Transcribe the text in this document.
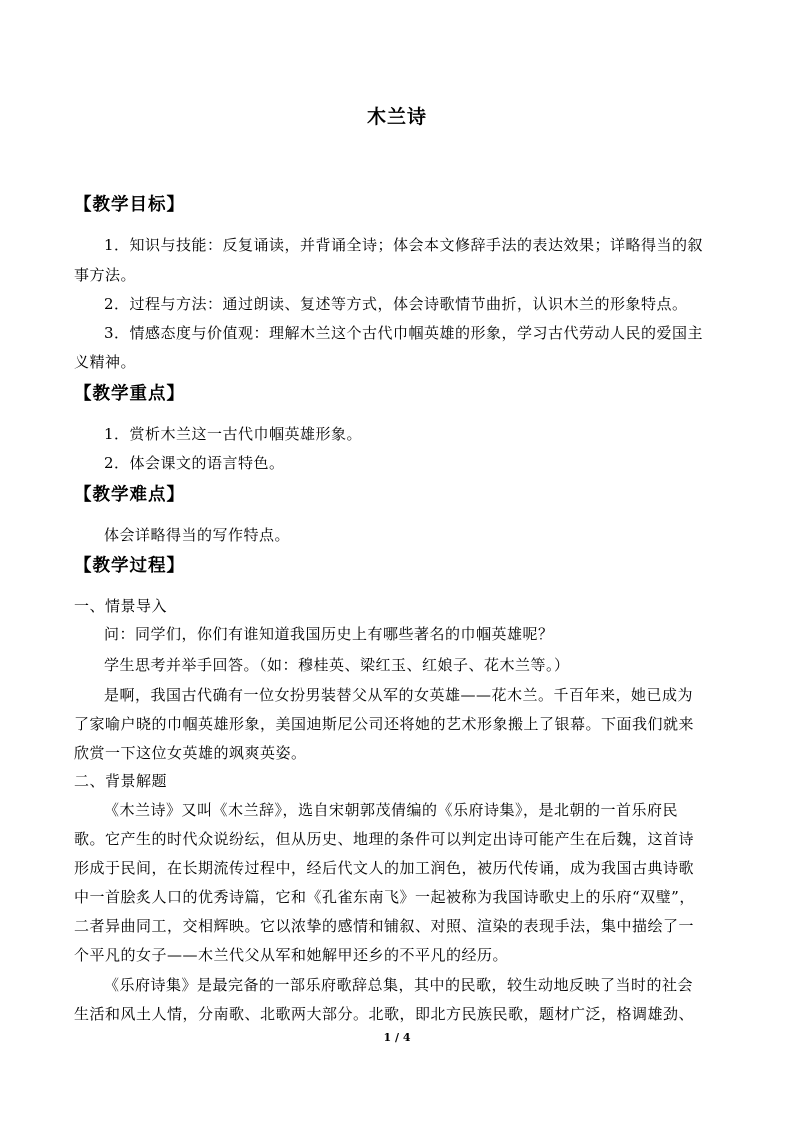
木兰诗
【教学目标】
1．知识与技能：反复诵读，并背诵全诗；体会本文修辞手法的表达效果；详略得当的叙
事方法。
2．过程与方法：通过朗读、复述等方式，体会诗歌情节曲折，认识木兰的形象特点。
3．情感态度与价值观：理解木兰这个古代巾帼英雄的形象，学习古代劳动人民的爱国主
义精神。
【教学重点】
1．赏析木兰这一古代巾帼英雄形象。
2．体会课文的语言特色。
【教学难点】
体会详略得当的写作特点。
【教学过程】
一、情景导入
问：同学们，你们有谁知道我国历史上有哪些著名的巾帼英雄呢？
学生思考并举手回答。（如：穆桂英、梁红玉、红娘子、花木兰等。）
是啊，我国古代确有一位女扮男装替父从军的女英雄——花木兰。千百年来，她已成为
了家喻户晓的巾帼英雄形象，美国迪斯尼公司还将她的艺术形象搬上了银幕。下面我们就来
欣赏一下这位女英雄的飒爽英姿。
二、背景解题
《木兰诗》又叫《木兰辞》，选自宋朝郭茂倩编的《乐府诗集》，是北朝的一首乐府民
歌。它产生的时代众说纷纭，但从历史、地理的条件可以判定出诗可能产生在后魏，这首诗
形成于民间，在长期流传过程中，经后代文人的加工润色，被历代传诵，成为我国古典诗歌
中一首脍炙人口的优秀诗篇，它和《孔雀东南飞》一起被称为我国诗歌史上的乐府“双璧”，
二者异曲同工，交相辉映。它以浓挚的感情和铺叙、对照、渲染的表现手法，集中描绘了一
个平凡的女子——木兰代父从军和她解甲还乡的不平凡的经历。
《乐府诗集》是最完备的一部乐府歌辞总集，其中的民歌，较生动地反映了当时的社会
生活和风土人情，分南歌、北歌两大部分。北歌，即北方民族民歌，题材广泛，格调雄劲、
1 / 4
